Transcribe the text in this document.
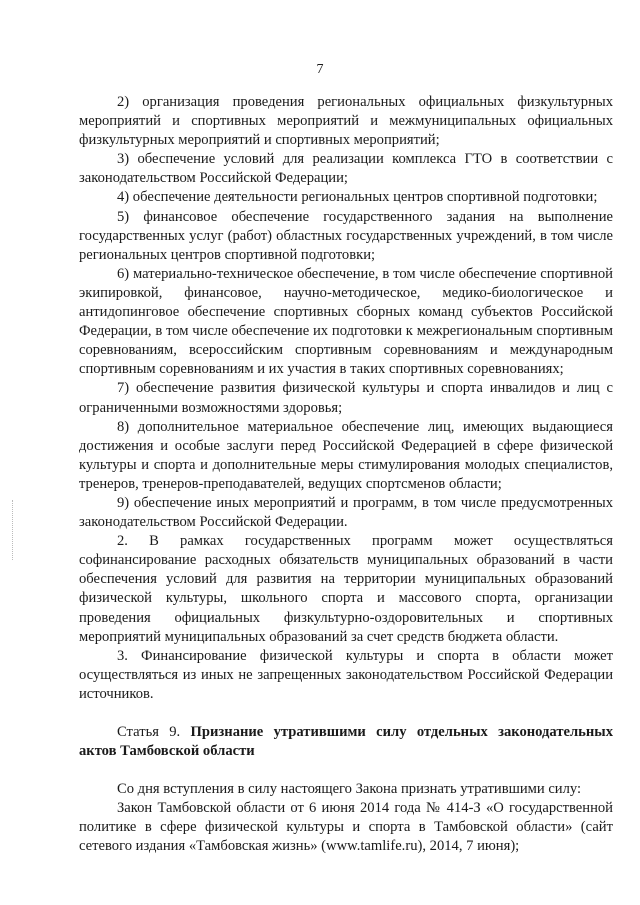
7

2) организация проведения региональных официальных физкультурных мероприятий и спортивных мероприятий и межмуниципальных официальных физкультурных мероприятий и спортивных мероприятий;

3) обеспечение условий для реализации комплекса ГТО в соответствии с законодательством Российской Федерации;

4) обеспечение деятельности региональных центров спортивной подготовки;

5) финансовое обеспечение государственного задания на выполнение государственных услуг (работ) областных государственных учреждений, в том числе региональных центров спортивной подготовки;

6) материально-техническое обеспечение, в том числе обеспечение спортивной экипировкой, финансовое, научно-методическое, медико-биологическое и антидопинговое обеспечение спортивных сборных команд субъектов Российской Федерации, в том числе обеспечение их подготовки к межрегиональным спортивным соревнованиям, всероссийским спортивным соревнованиям и международным спортивным соревнованиям и их участия в таких спортивных соревнованиях;

7) обеспечение развития физической культуры и спорта инвалидов и лиц с ограниченными возможностями здоровья;

8) дополнительное материальное обеспечение лиц, имеющих выдающиеся достижения и особые заслуги перед Российской Федерацией в сфере физической культуры и спорта и дополнительные меры стимулирования молодых специалистов, тренеров, тренеров-преподавателей, ведущих спортсменов области;

9) обеспечение иных мероприятий и программ, в том числе предусмотренных законодательством Российской Федерации.

2. В рамках государственных программ может осуществляться софинансирование расходных обязательств муниципальных образований в части обеспечения условий для развития на территории муниципальных образований физической культуры, школьного спорта и массового спорта, организации проведения официальных физкультурно-оздоровительных и спортивных мероприятий муниципальных образований за счет средств бюджета области.

3. Финансирование физической культуры и спорта в области может осуществляться из иных не запрещенных законодательством Российской Федерации источников.

Статья 9. Признание утратившими силу отдельных законодательных актов Тамбовской области

Со дня вступления в силу настоящего Закона признать утратившими силу:

Закон Тамбовской области от 6 июня 2014 года № 414-З «О государственной политике в сфере физической культуры и спорта в Тамбовской области» (сайт сетевого издания «Тамбовская жизнь» (www.tamlife.ru), 2014, 7 июня);
